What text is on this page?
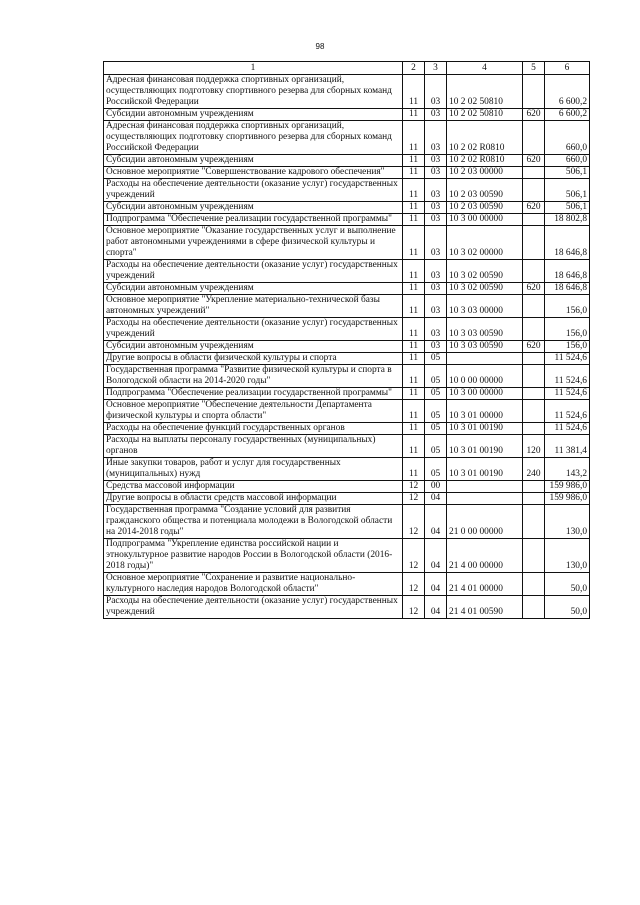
98
1	2	3	4	5	6
Адресная финансовая поддержка спортивных организаций, осуществляющих подготовку спортивного резерва для сборных команд Российской Федерации	11	03	10 2 02 50810		6 600,2
Субсидии автономным учреждениям	11	03	10 2 02 50810	620	6 600,2
Адресная финансовая поддержка спортивных организаций, осуществляющих подготовку спортивного резерва для сборных команд Российской Федерации	11	03	10 2 02 R0810		660,0
Субсидии автономным учреждениям	11	03	10 2 02 R0810	620	660,0
Основное мероприятие "Совершенствование кадрового обеспечения"	11	03	10 2 03 00000		506,1
Расходы на обеспечение деятельности (оказание услуг) государственных учреждений	11	03	10 2 03 00590		506,1
Субсидии автономным учреждениям	11	03	10 2 03 00590	620	506,1
Подпрограмма "Обеспечение реализации государственной программы"	11	03	10 3 00 00000		18 802,8
Основное мероприятие "Оказание государственных услуг и выполнение работ автономными учреждениями в сфере физической культуры и спорта"	11	03	10 3 02 00000		18 646,8
Расходы на обеспечение деятельности (оказание услуг) государственных учреждений	11	03	10 3 02 00590		18 646,8
Субсидии автономным учреждениям	11	03	10 3 02 00590	620	18 646,8
Основное мероприятие "Укрепление материально-технической базы автономных учреждений"	11	03	10 3 03 00000		156,0
Расходы на обеспечение деятельности (оказание услуг) государственных учреждений	11	03	10 3 03 00590		156,0
Субсидии автономным учреждениям	11	03	10 3 03 00590	620	156,0
Другие вопросы в области физической культуры и спорта	11	05			11 524,6
Государственная программа "Развитие физической культуры и спорта в Вологодской области на 2014-2020 годы"	11	05	10 0 00 00000		11 524,6
Подпрограмма "Обеспечение реализации государственной программы"	11	05	10 3 00 00000		11 524,6
Основное мероприятие "Обеспечение деятельности Департамента физической культуры и спорта области"	11	05	10 3 01 00000		11 524,6
Расходы на обеспечение функций государственных органов	11	05	10 3 01 00190		11 524,6
Расходы на выплаты персоналу государственных (муниципальных) органов	11	05	10 3 01 00190	120	11 381,4
Иные закупки товаров, работ и услуг для государственных (муниципальных) нужд	11	05	10 3 01 00190	240	143,2
Средства массовой информации	12	00			159 986,0
Другие вопросы в области средств массовой информации	12	04			159 986,0
Государственная программа "Создание условий для развития гражданского общества и потенциала молодежи в Вологодской области на 2014-2018 годы"	12	04	21 0 00 00000		130,0
Подпрограмма "Укрепление единства российской нации и этнокультурное развитие народов России в Вологодской области (2016-2018 годы)"	12	04	21 4 00 00000		130,0
Основное мероприятие "Сохранение и развитие национально-культурного наследия народов Вологодской области"	12	04	21 4 01 00000		50,0
Расходы на обеспечение деятельности (оказание услуг) государственных учреждений	12	04	21 4 01 00590		50,0
